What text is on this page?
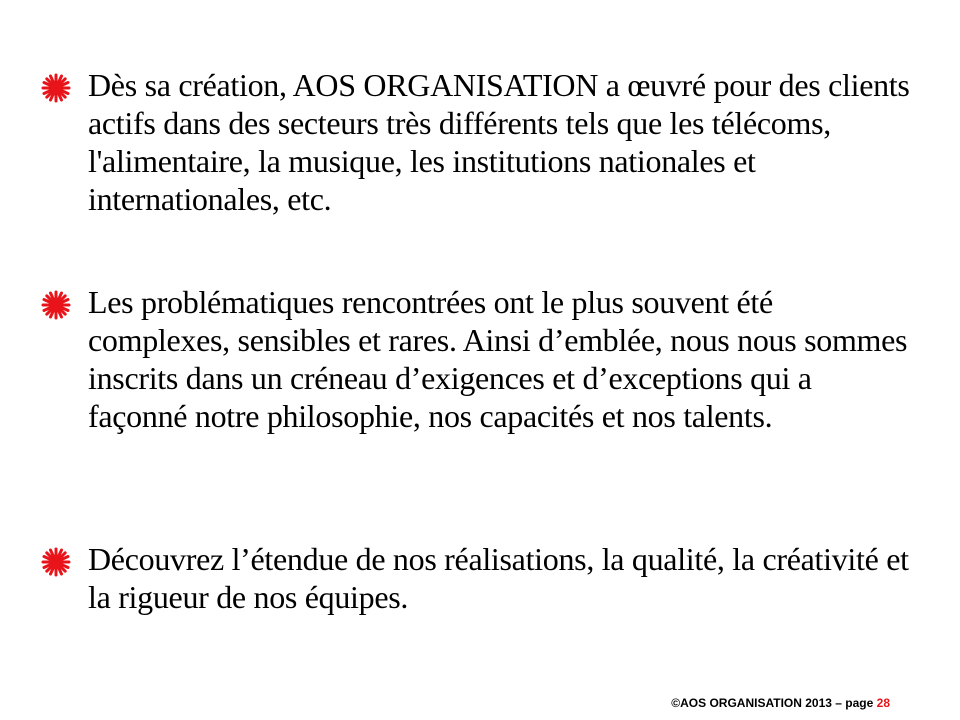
Dès sa création, AOS ORGANISATION a œuvré pour des clients actifs dans des secteurs très différents tels que les télécoms, l'alimentaire, la musique, les institutions nationales et internationales, etc.
Les problématiques rencontrées ont le plus souvent été complexes, sensibles et rares. Ainsi d’emblée, nous nous sommes inscrits dans un créneau d’exigences et d’exceptions qui a façonné notre philosophie, nos capacités et nos talents.
Découvrez l’étendue de nos réalisations, la qualité, la créativité et la rigueur de nos équipes.
©AOS ORGANISATION 2013 – page 28
